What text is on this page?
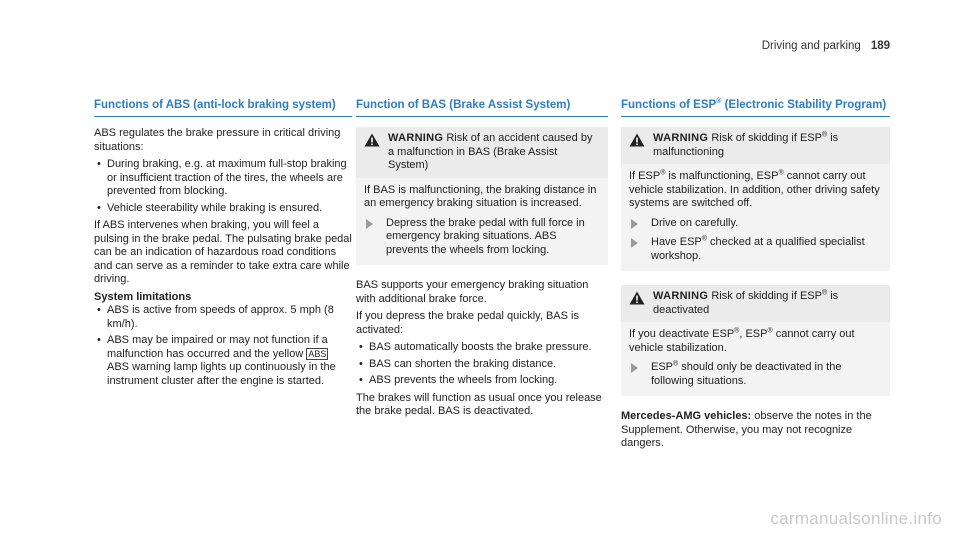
Driving and parking 189
Functions of ABS (anti-lock braking system)

ABS regulates the brake pressure in critical driving situations:

• During braking, e.g. at maximum full-stop braking or insufficient traction of the tires, the wheels are prevented from blocking.
• Vehicle steerability while braking is ensured.

If ABS intervenes when braking, you will feel a pulsing in the brake pedal. The pulsating brake pedal can be an indication of hazardous road conditions and can serve as a reminder to take extra care while driving.

System limitations
• ABS is active from speeds of approx. 5 mph (8 km/h).
• ABS may be impaired or may not function if a malfunction has occurred and the yellow ABS ABS warning lamp lights up continuously in the instrument cluster after the engine is started.
Function of BAS (Brake Assist System)
WARNING Risk of an accident caused by a malfunction in BAS (Brake Assist System)
If BAS is malfunctioning, the braking distance in an emergency braking situation is increased.
Depress the brake pedal with full force in emergency braking situations. ABS prevents the wheels from locking.

BAS supports your emergency braking situation with additional brake force.

If you depress the brake pedal quickly, BAS is activated:

• BAS automatically boosts the brake pressure.
• BAS can shorten the braking distance.
• ABS prevents the wheels from locking.

The brakes will function as usual once you release the brake pedal. BAS is deactivated.

Functions of ESP® (Electronic Stability Program)
WARNING Risk of skidding if ESP® is malfunctioning
If ESP® is malfunctioning, ESP® cannot carry out vehicle stabilization. In addition, other driving safety systems are switched off.
Drive on carefully.
Have ESP® checked at a qualified specialist workshop.
WARNING Risk of skidding if ESP® is deactivated
If you deactivate ESP®, ESP® cannot carry out vehicle stabilization.
ESP® should only be deactivated in the following situations.

Mercedes-AMG vehicles: observe the notes in the Supplement. Otherwise, you may not recognize dangers.

carmanualsonline.info
